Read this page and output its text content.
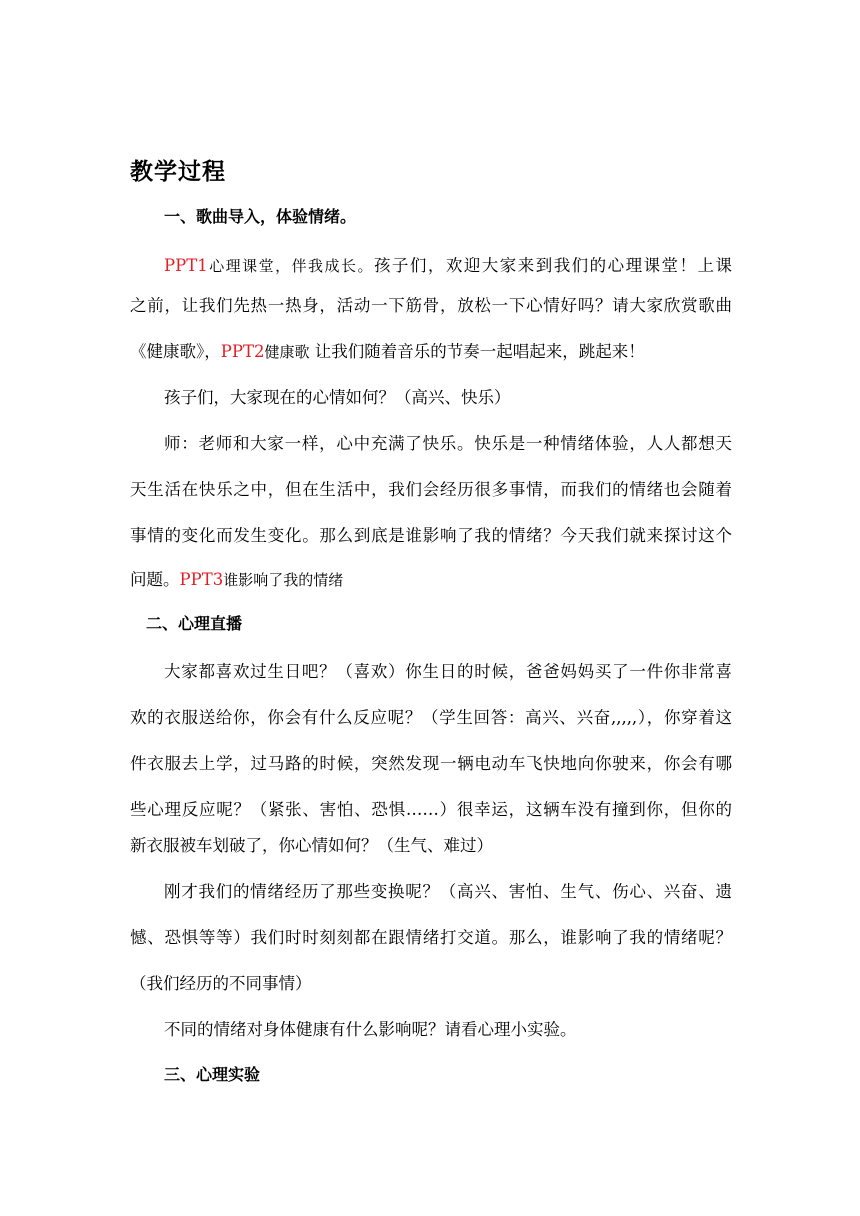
教学过程
一、歌曲导入，体验情绪。
PPT1心理课堂，伴我成长。孩子们，欢迎大家来到我们的心理课堂！上课
之前，让我们先热一热身，活动一下筋骨，放松一下心情好吗？请大家欣赏歌曲
《健康歌》，PPT2健康歌 让我们随着音乐的节奏一起唱起来，跳起来！
孩子们，大家现在的心情如何？（高兴、快乐）
师：老师和大家一样，心中充满了快乐。快乐是一种情绪体验，人人都想天
天生活在快乐之中，但在生活中，我们会经历很多事情，而我们的情绪也会随着
事情的变化而发生变化。那么到底是谁影响了我的情绪？今天我们就来探讨这个
问题。PPT3谁影响了我的情绪
二、心理直播
大家都喜欢过生日吧？（喜欢）你生日的时候，爸爸妈妈买了一件你非常喜
欢的衣服送给你，你会有什么反应呢？（学生回答：高兴、兴奋,,,,,），你穿着这
件衣服去上学，过马路的时候，突然发现一辆电动车飞快地向你驶来，你会有哪
些心理反应呢？（紧张、害怕、恐惧……）很幸运，这辆车没有撞到你，但你的
新衣服被车划破了，你心情如何？（生气、难过）
刚才我们的情绪经历了那些变换呢？（高兴、害怕、生气、伤心、兴奋、遗
憾、恐惧等等）我们时时刻刻都在跟情绪打交道。那么，谁影响了我的情绪呢？
（我们经历的不同事情）
不同的情绪对身体健康有什么影响呢？请看心理小实验。
三、心理实验
